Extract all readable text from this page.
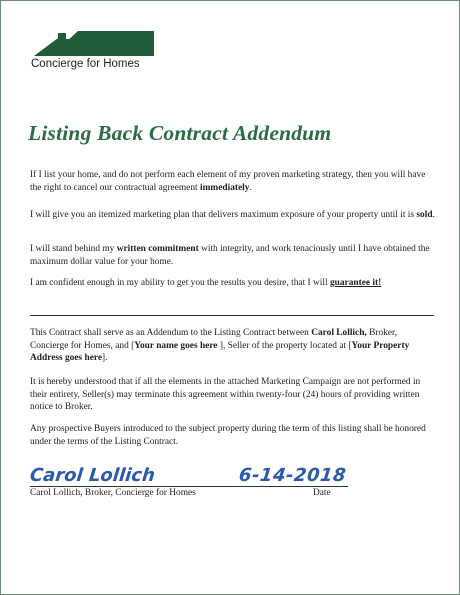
Concierge for Homes
Listing Back Contract Addendum

If I list your home, and do not perform each element of my proven marketing strategy, then you will have the right to cancel our contractual agreement immediately.

I will give you an itemized marketing plan that delivers maximum exposure of your property until it is sold.

I will stand behind my written commitment with integrity, and work tenaciously until I have obtained the maximum dollar value for your home.

I am confident enough in my ability to get you the results you desire, that I will guarantee it!

This Contract shall serve as an Addendum to the Listing Contract between Carol Lollich, Broker, Concierge for Homes, and [Your name goes here ], Seller of the property located at [Your Property Address goes here].

It is hereby understood that if all the elements in the attached Marketing Campaign are not performed in their entirety, Seller(s) may terminate this agreement within twenty-four (24) hours of providing written notice to Broker.

Any prospective Buyers introduced to the subject property during the term of this listing shall be honored under the terms of the Listing Contract.

Carol Lollich	6-14-2018
Carol Lollich, Broker, Concierge for Homes	Date
